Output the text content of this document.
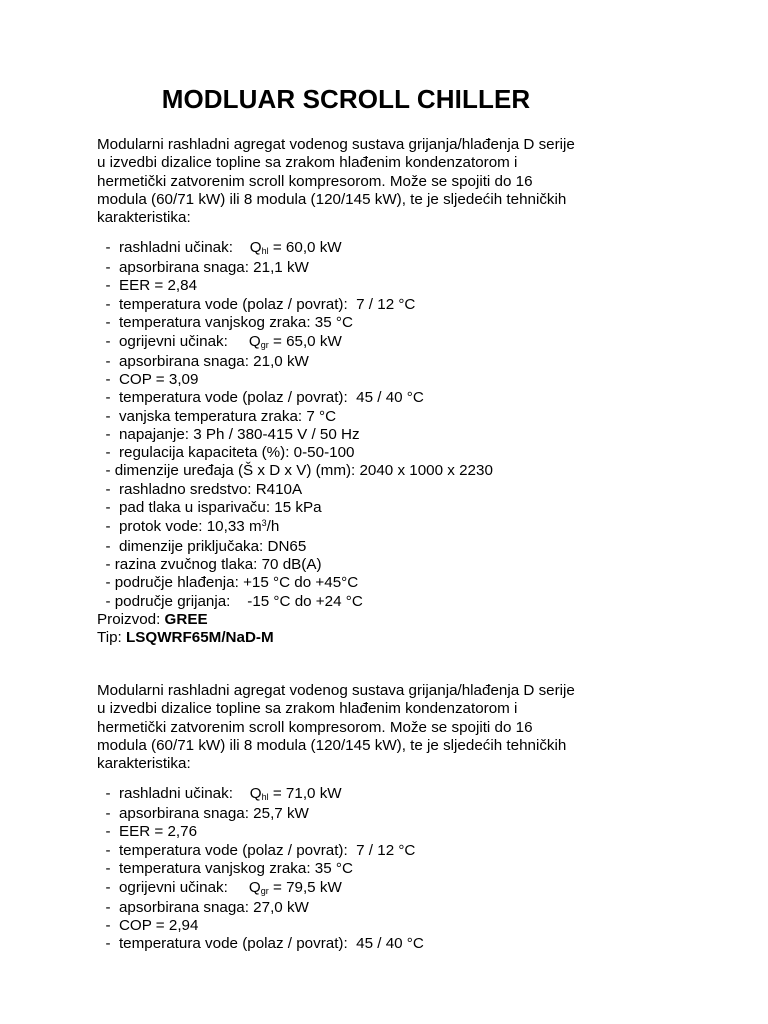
MODLUAR SCROLL CHILLER

Modularni rashladni agregat vodenog sustava grijanja/hlađenja D serije
u izvedbi dizalice topline sa zrakom hlađenim kondenzatorom i
hermetički zatvorenim scroll kompresorom. Može se spojiti do 16
modula (60/71 kW) ili 8 modula (120/145 kW), te je sljedećih tehničkih
karakteristika:

-  rashladni učinak:    $Q_{hl} = 60,0$ kW
-  apsorbirana snaga: 21,1 kW
-  EER = 2,84
-  temperatura vode (polaz / povrat):  7 / 12 °C
-  temperatura vanjskog zraka: 35 °C
-  ogrijevni učinak:     $Q_{gr} = 65,0$ kW
-  apsorbirana snaga: 21,0 kW
-  COP = 3,09
-  temperatura vode (polaz / povrat):  45 / 40 °C
-  vanjska temperatura zraka: 7 °C
-  napajanje: 3 Ph / 380-415 V / 50 Hz
-  regulacija kapaciteta (%): 0-50-100
- dimenzije uređaja (Š x D x V) (mm): 2040 x 1000 x 2230
-  rashladno sredstvo: R410A
-  pad tlaka u isparivaču: 15 kPa
-  protok vode: 10,33 $m^3/h$
-  dimenzije priključaka: DN65
- razina zvučnog tlaka: 70 dB(A)
- područje hlađenja: +15 °C do +45°C
- područje grijanja:    -15 °C do +24 °C
Proizvod: GREE
Tip: LSQWRF65M/NaD-M

Modularni rashladni agregat vodenog sustava grijanja/hlađenja D serije
u izvedbi dizalice topline sa zrakom hlađenim kondenzatorom i
hermetički zatvorenim scroll kompresorom. Može se spojiti do 16
modula (60/71 kW) ili 8 modula (120/145 kW), te je sljedećih tehničkih
karakteristika:

-  rashladni učinak:    $Q_{hl} = 71,0$ kW
-  apsorbirana snaga: 25,7 kW
-  EER = 2,76
-  temperatura vode (polaz / povrat):  7 / 12 °C
-  temperatura vanjskog zraka: 35 °C
-  ogrijevni učinak:     $Q_{gr} = 79,5$ kW
-  apsorbirana snaga: 27,0 kW
-  COP = 2,94
-  temperatura vode (polaz / povrat):  45 / 40 °C
